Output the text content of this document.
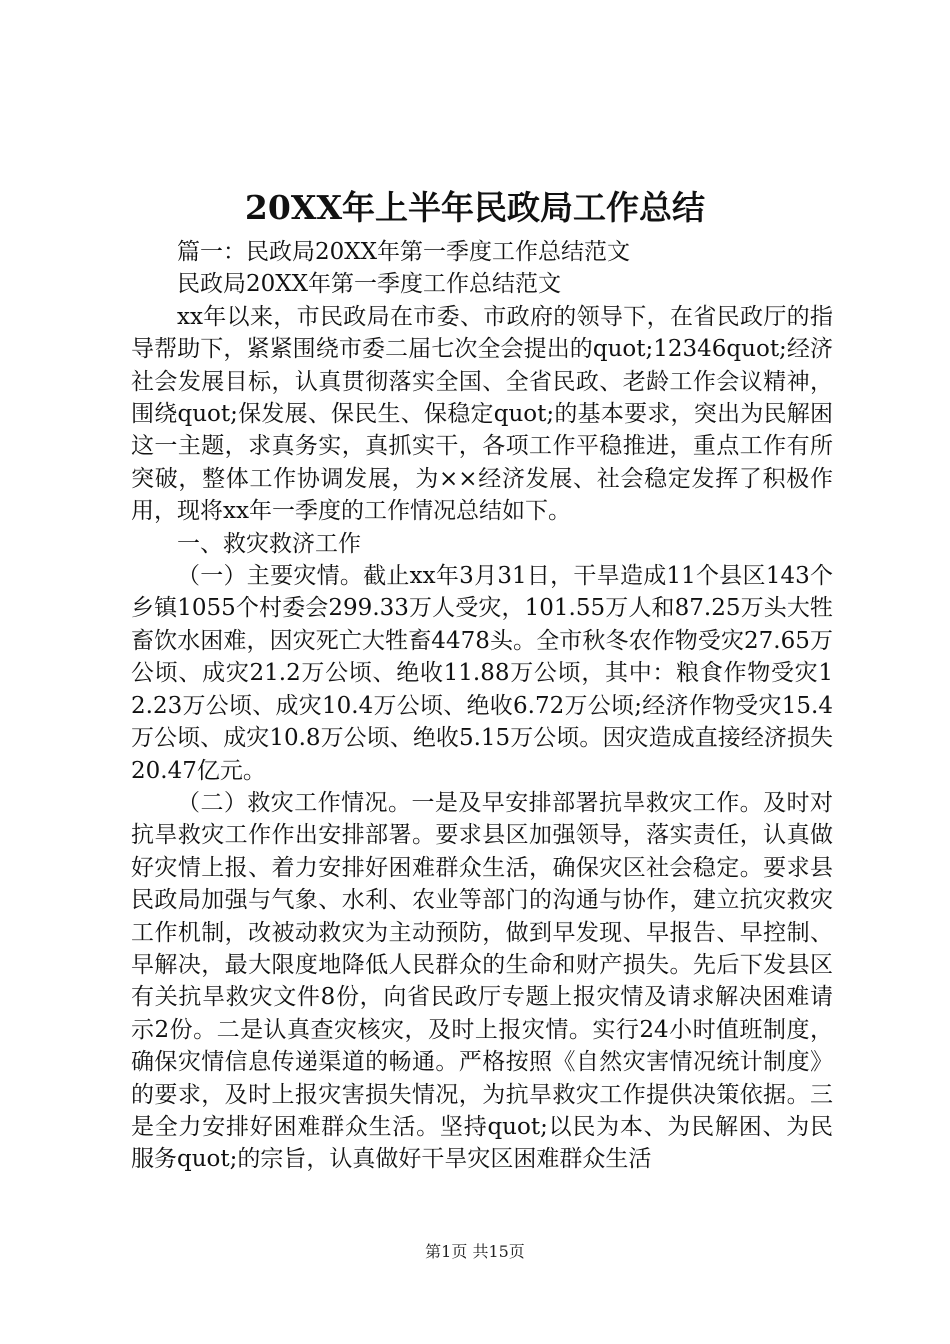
20XX年上半年民政局工作总结

篇一：民政局20XX年第一季度工作总结范文

民政局20XX年第一季度工作总结范文

xx年以来，市民政局在市委、市政府的领导下，在省民政厅的指导帮助下，紧紧围绕市委二届七次全会提出的quot;12346quot;经济社会发展目标，认真贯彻落实全国、全省民政、老龄工作会议精神，围绕quot;保发展、保民生、保稳定quot;的基本要求，突出为民解困这一主题，求真务实，真抓实干，各项工作平稳推进，重点工作有所突破，整体工作协调发展，为××经济发展、社会稳定发挥了积极作用，现将xx年一季度的工作情况总结如下。

一、救灾救济工作

（一）主要灾情。截止xx年3月31日，干旱造成11个县区143个乡镇1055个村委会299.33万人受灾，101.55万人和87.25万头大牲畜饮水困难，因灾死亡大牲畜4478头。全市秋冬农作物受灾27.65万公顷、成灾21.2万公顷、绝收11.88万公顷，其中：粮食作物受灾12.23万公顷、成灾10.4万公顷、绝收6.72万公顷;经济作物受灾15.4万公顷、成灾10.8万公顷、绝收5.15万公顷。因灾造成直接经济损失20.47亿元。

（二）救灾工作情况。一是及早安排部署抗旱救灾工作。及时对抗旱救灾工作作出安排部署。要求县区加强领导，落实责任，认真做好灾情上报、着力安排好困难群众生活，确保灾区社会稳定。要求县民政局加强与气象、水利、农业等部门的沟通与协作，建立抗灾救灾工作机制，改被动救灾为主动预防，做到早发现、早报告、早控制、早解决，最大限度地降低人民群众的生命和财产损失。先后下发县区有关抗旱救灾文件8份，向省民政厅专题上报灾情及请求解决困难请示2份。二是认真查灾核灾，及时上报灾情。实行24小时值班制度，确保灾情信息传递渠道的畅通。严格按照《自然灾害情况统计制度》的要求，及时上报灾害损失情况，为抗旱救灾工作提供决策依据。三是全力安排好困难群众生活。坚持quot;以民为本、为民解困、为民服务quot;的宗旨，认真做好干旱灾区困难群众生活

第1页 共15页
